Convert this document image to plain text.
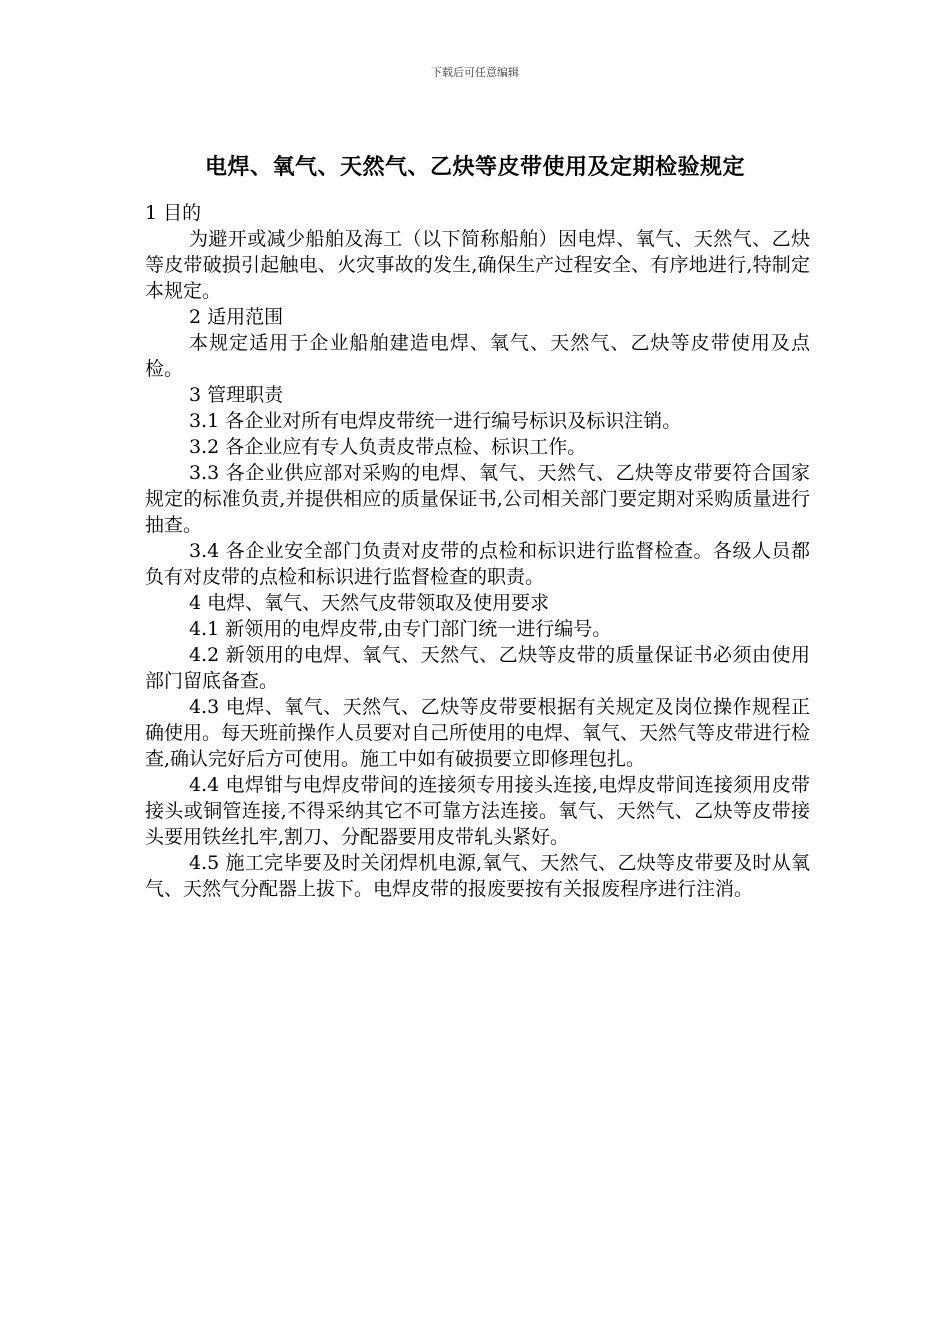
下载后可任意编辑
电焊、氧气、天然气、乙炔等皮带使用及定期检验规定

1 目的

为避开或减少船舶及海工（以下简称船舶）因电焊、氧气、天然气、乙炔等皮带破损引起触电、火灾事故的发生,确保生产过程安全、有序地进行,特制定本规定。

2 适用范围

本规定适用于企业船舶建造电焊、氧气、天然气、乙炔等皮带使用及点检。

3 管理职责

3.1 各企业对所有电焊皮带统一进行编号标识及标识注销。

3.2 各企业应有专人负责皮带点检、标识工作。

3.3 各企业供应部对采购的电焊、氧气、天然气、乙炔等皮带要符合国家规定的标准负责,并提供相应的质量保证书,公司相关部门要定期对采购质量进行抽查。

3.4 各企业安全部门负责对皮带的点检和标识进行监督检查。各级人员都负有对皮带的点检和标识进行监督检查的职责。

4 电焊、氧气、天然气皮带领取及使用要求

4.1 新领用的电焊皮带,由专门部门统一进行编号。

4.2 新领用的电焊、氧气、天然气、乙炔等皮带的质量保证书必须由使用部门留底备查。

4.3 电焊、氧气、天然气、乙炔等皮带要根据有关规定及岗位操作规程正确使用。每天班前操作人员要对自己所使用的电焊、氧气、天然气等皮带进行检查,确认完好后方可使用。施工中如有破损要立即修理包扎。

4.4 电焊钳与电焊皮带间的连接须专用接头连接,电焊皮带间连接须用皮带接头或铜管连接,不得采纳其它不可靠方法连接。氧气、天然气、乙炔等皮带接头要用铁丝扎牢,割刀、分配器要用皮带轧头紧好。

4.5 施工完毕要及时关闭焊机电源,氧气、天然气、乙炔等皮带要及时从氧气、天然气分配器上拔下。电焊皮带的报废要按有关报废程序进行注消。
